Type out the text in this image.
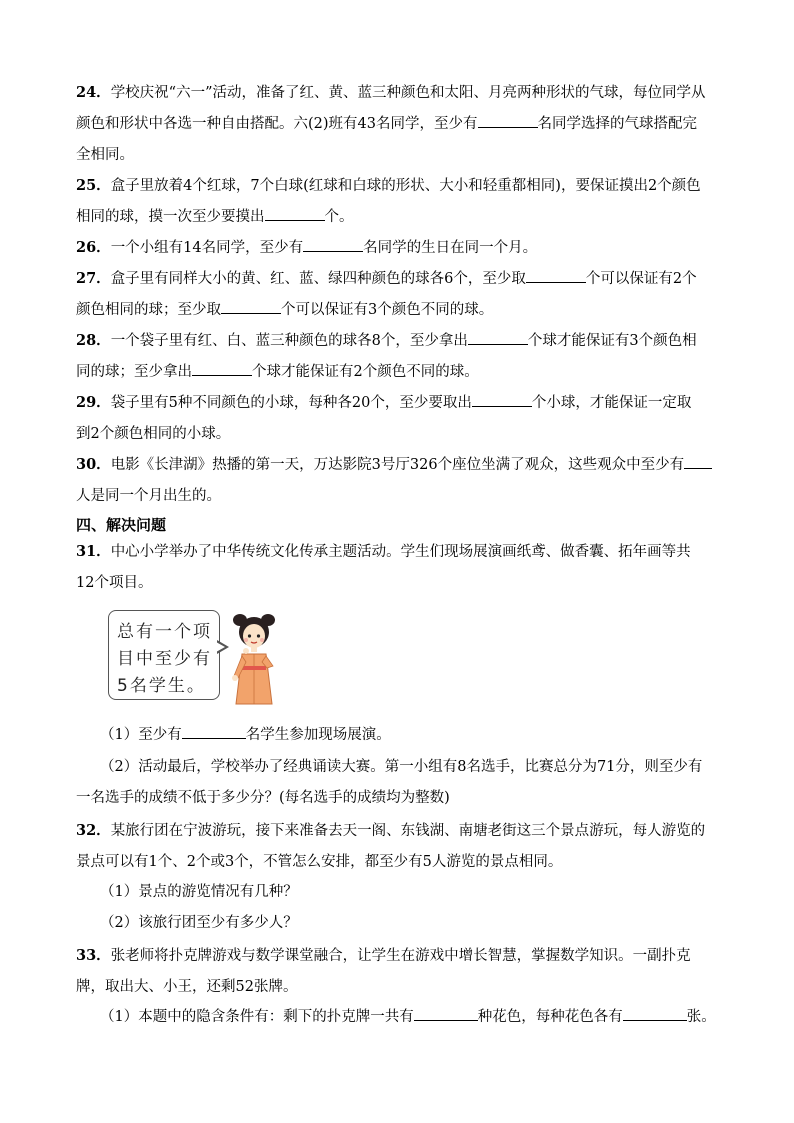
24．学校庆祝“六一”活动，准备了红、黄、蓝三种颜色和太阳、月亮两种形状的气球，每位同学从
颜色和形状中各选一种自由搭配。六(2)班有43名同学，至少有	名同学选择的气球搭配完
全相同。
25．盒子里放着4个红球，7个白球(红球和白球的形状、大小和轻重都相同)，要保证摸出2个颜色
相同的球，摸一次至少要摸出	个。
26．一个小组有14名同学，至少有	名同学的生日在同一个月。
27．盒子里有同样大小的黄、红、蓝、绿四种颜色的球各6个，至少取	个可以保证有2个
颜色相同的球；至少取	个可以保证有3个颜色不同的球。
28．一个袋子里有红、白、蓝三种颜色的球各8个，至少拿出	个球才能保证有3个颜色相
同的球；至少拿出	个球才能保证有2个颜色不同的球。
29．袋子里有5种不同颜色的小球，每种各20个，至少要取出	个小球，才能保证一定取
到2个颜色相同的小球。
30．电影《长津湖》热播的第一天，万达影院3号厅326个座位坐满了观众，这些观众中至少有
人是同一个月出生的。
四、解决问题
31．中心小学举办了中华传统文化传承主题活动。学生们现场展演画纸鸢、做香囊、拓年画等共
12个项目。
总有一个项
目中至少有
5名学生。
（1）至少有	名学生参加现场展演。
（2）活动最后，学校举办了经典诵读大赛。第一小组有8名选手，比赛总分为71分，则至少有
一名选手的成绩不低于多少分？(每名选手的成绩均为整数)
32．某旅行团在宁波游玩，接下来准备去天一阁、东钱湖、南塘老街这三个景点游玩，每人游览的
景点可以有1个、2个或3个，不管怎么安排，都至少有5人游览的景点相同。
（1）景点的游览情况有几种？
（2）该旅行团至少有多少人？
33．张老师将扑克牌游戏与数学课堂融合，让学生在游戏中增长智慧，掌握数学知识。一副扑克
牌，取出大、小王，还剩52张牌。
（1）本题中的隐含条件有：剩下的扑克牌一共有	种花色，每种花色各有	张。
